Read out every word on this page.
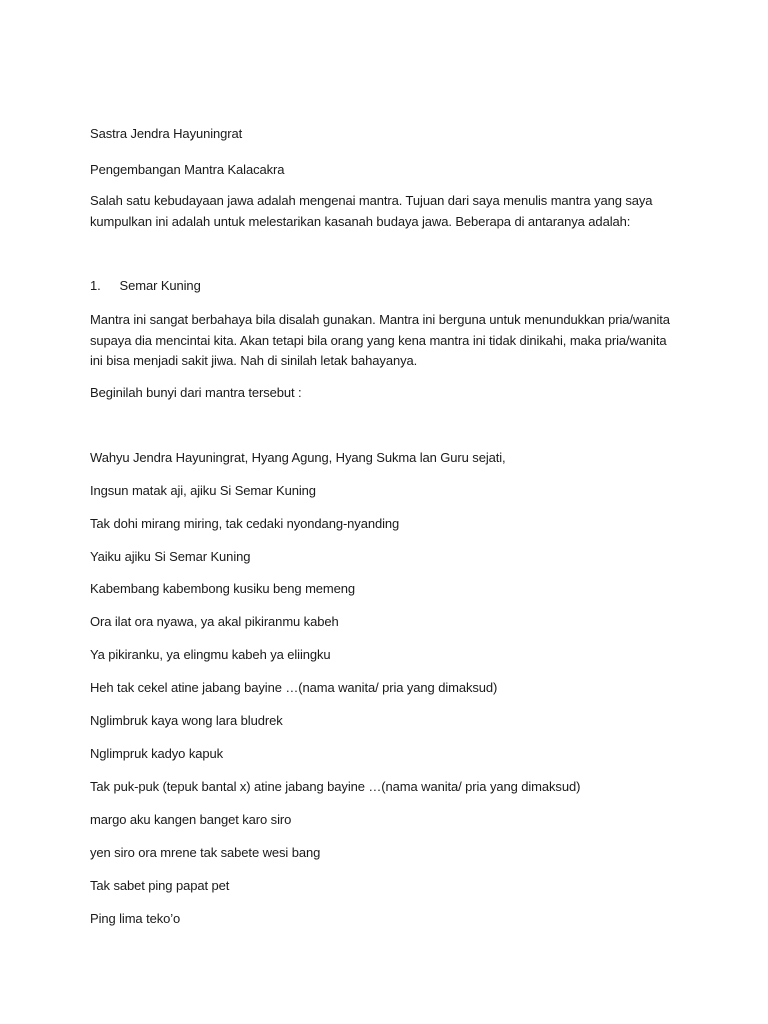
Sastra Jendra Hayuningrat
Pengembangan Mantra Kalacakra
Salah satu kebudayaan jawa adalah mengenai mantra. Tujuan dari saya menulis mantra yang saya
kumpulkan ini adalah untuk melestarikan kasanah budaya jawa. Beberapa di antaranya adalah:
1. Semar Kuning
Mantra ini sangat berbahaya bila disalah gunakan. Mantra ini berguna untuk menundukkan pria/wanita
supaya dia mencintai kita. Akan tetapi bila orang yang kena mantra ini tidak dinikahi, maka pria/wanita
ini bisa menjadi sakit jiwa. Nah di sinilah letak bahayanya.
Beginilah bunyi dari mantra tersebut :
Wahyu Jendra Hayuningrat, Hyang Agung, Hyang Sukma lan Guru sejati,
Ingsun matak aji, ajiku Si Semar Kuning
Tak dohi mirang miring, tak cedaki nyondang-nyanding
Yaiku ajiku Si Semar Kuning
Kabembang kabembong kusiku beng memeng
Ora ilat ora nyawa, ya akal pikiranmu kabeh
Ya pikiranku, ya elingmu kabeh ya eliingku
Heh tak cekel atine jabang bayine …(nama wanita/ pria yang dimaksud)
Nglimbruk kaya wong lara bludrek
Nglimpruk kadyo kapuk
Tak puk-puk (tepuk bantal x) atine jabang bayine …(nama wanita/ pria yang dimaksud)
margo aku kangen banget karo siro
yen siro ora mrene tak sabete wesi bang
Tak sabet ping papat pet
Ping lima teko’o
